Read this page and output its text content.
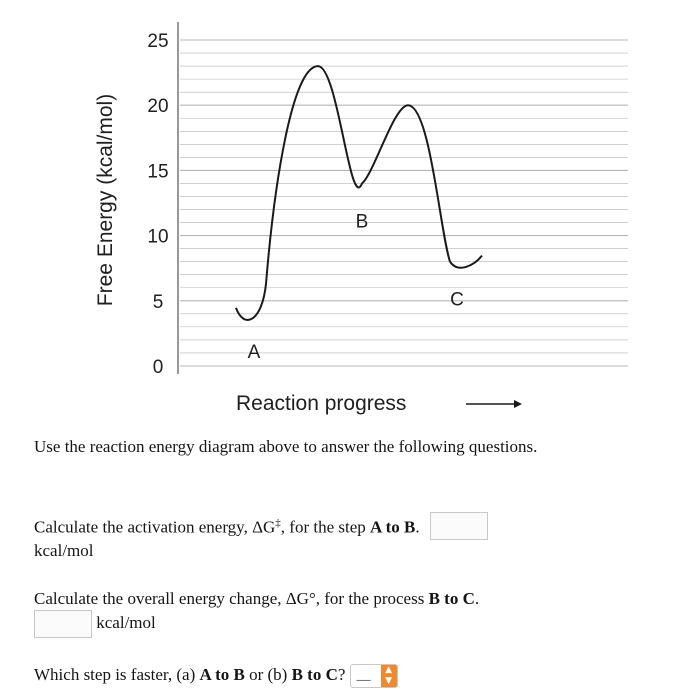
0
5
10
15
20
25
Free Energy (kcal/mol)
A
B
C
Reaction progress
Use the reaction energy diagram above to answer the following questions.
Calculate the activation energy, ΔG‡, for the step A to B.
kcal/mol
Calculate the overall energy change, ΔG°, for the process B to C.
kcal/mol
Which step is faster, (a) A to B or (b) B to C? __	▲
▼
